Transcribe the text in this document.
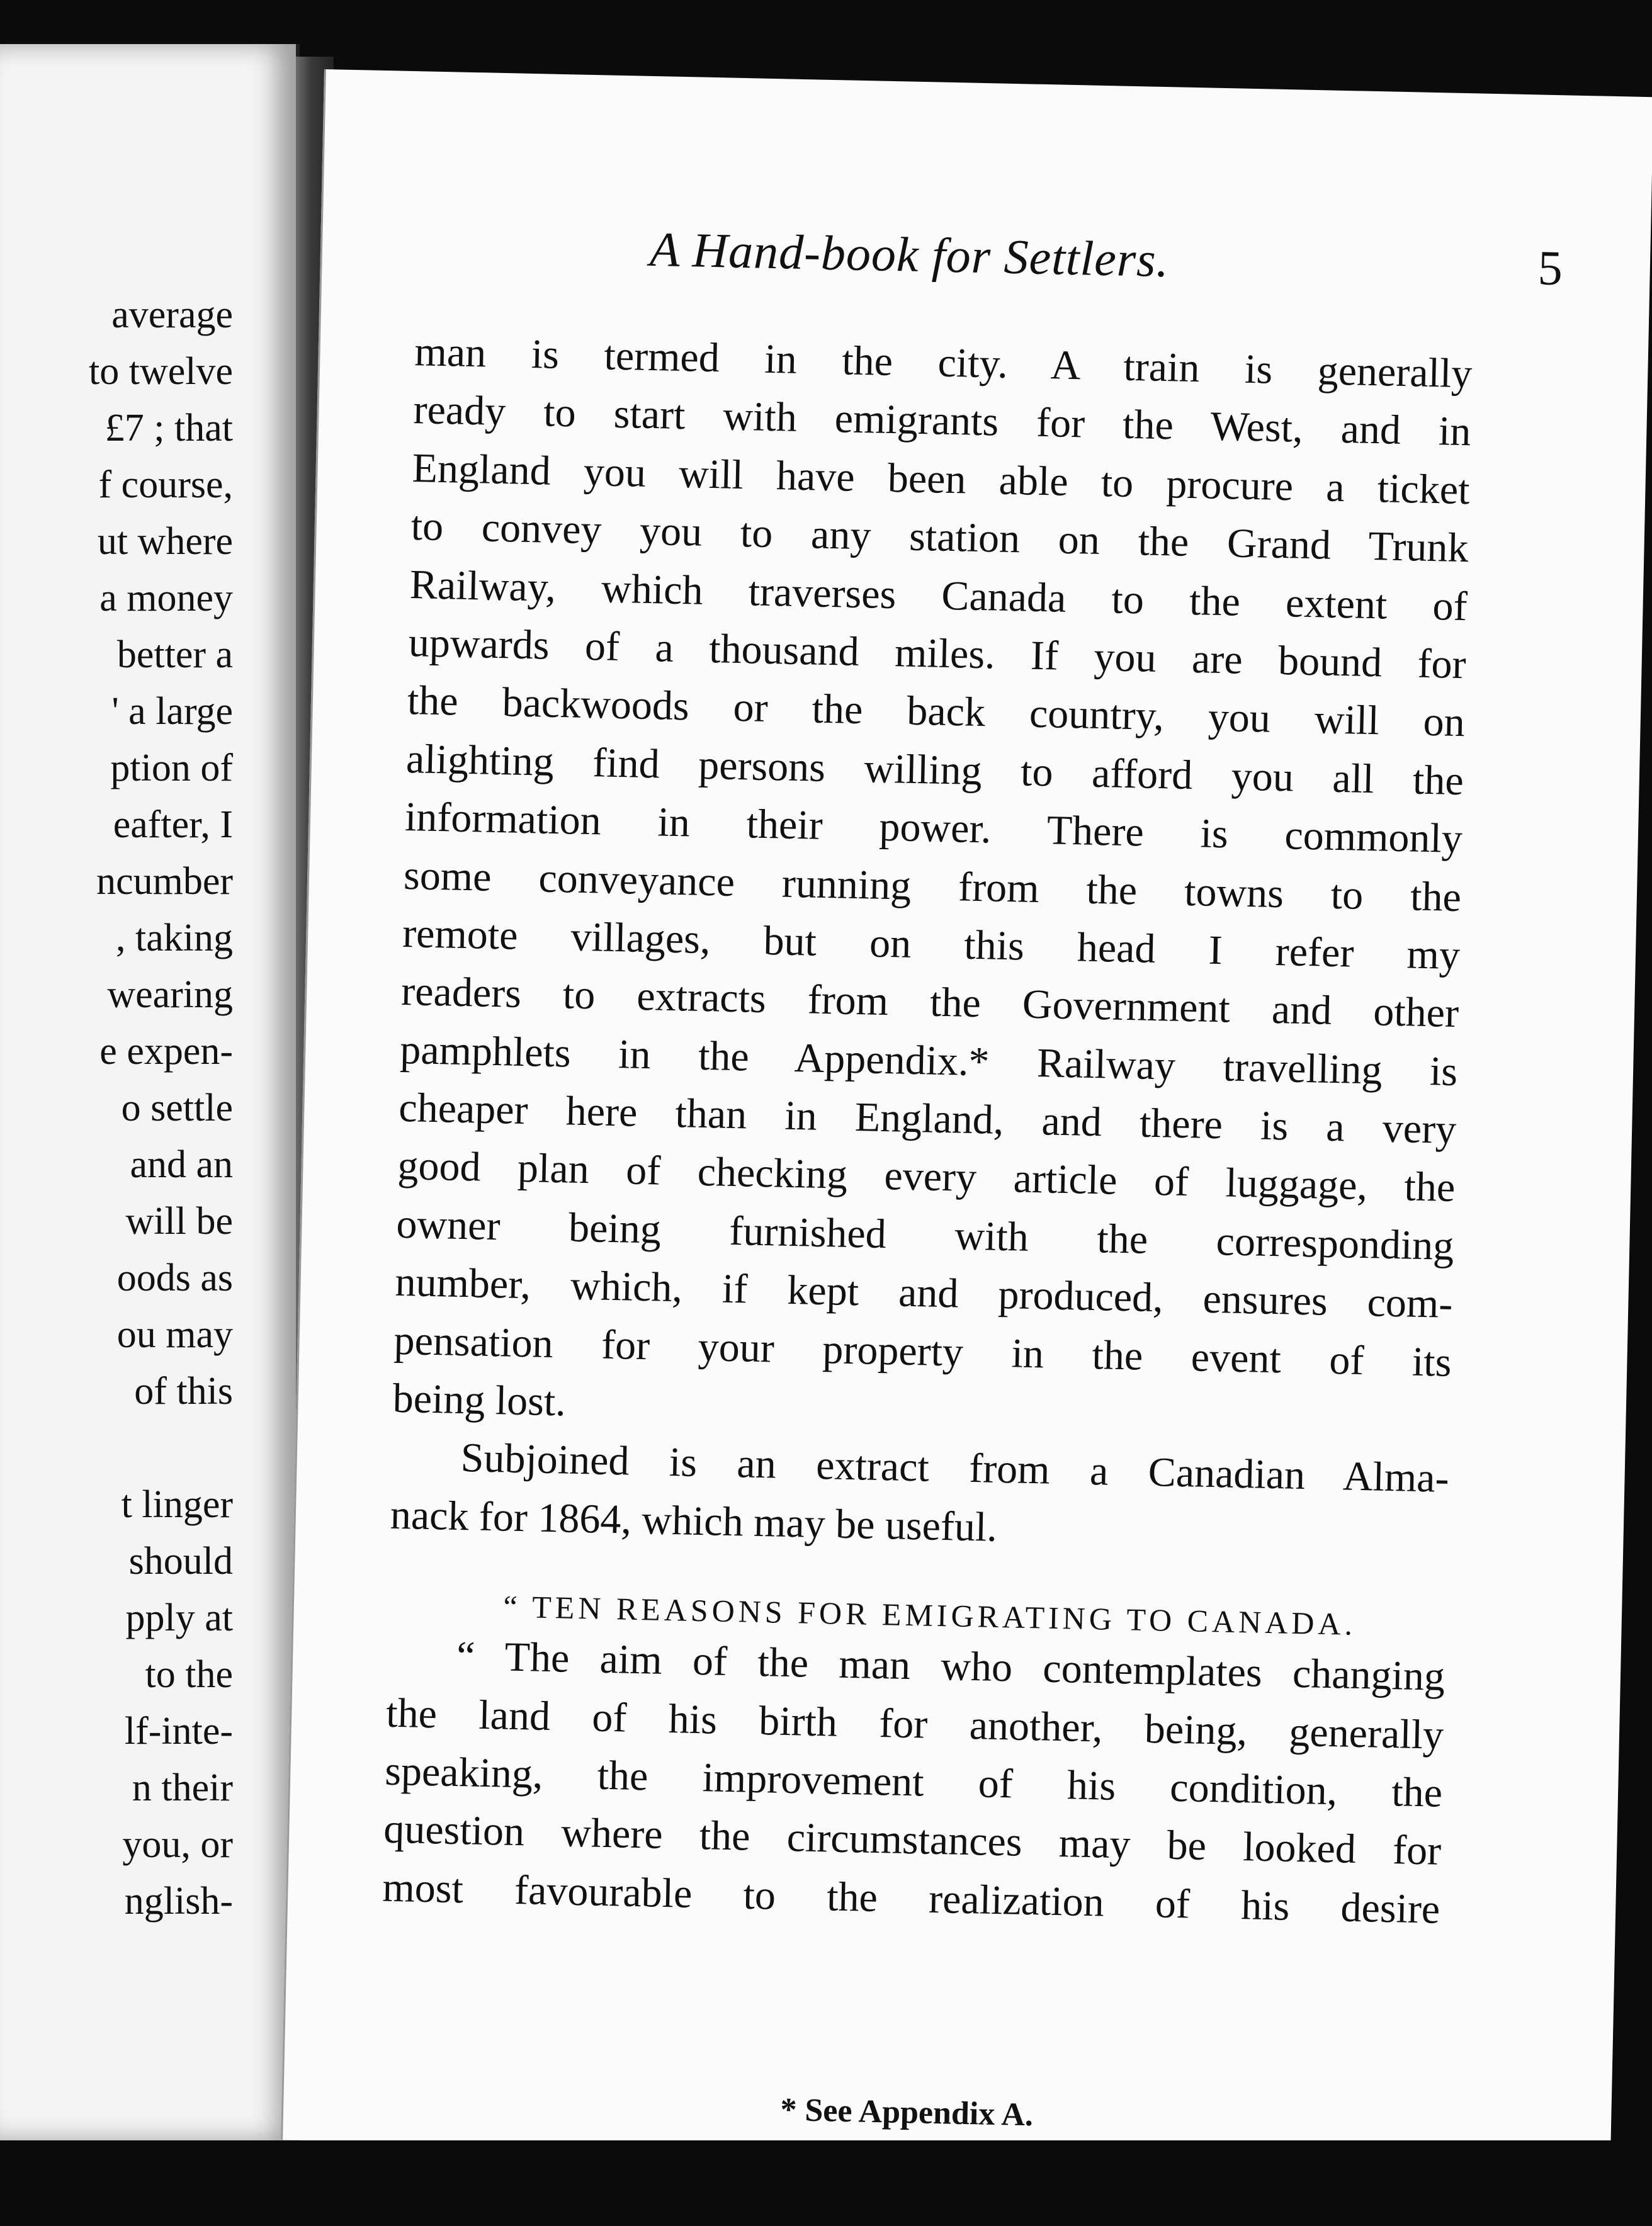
average
to twelve
£7 ; that
f course,
ut where
a money
better a
' a large
ption of
eafter, I
ncumber
, taking
wearing
e expen-
o settle
and an
will be
oods as
ou may
of this
t linger
should
pply at
to the
lf-inte-
n their
you, or
nglish-
A Hand-book for Settlers.	5
man is termed in the city. A train is generally
ready to start with emigrants for the West, and in
England you will have been able to procure a ticket
to convey you to any station on the Grand Trunk
Railway, which traverses Canada to the extent of
upwards of a thousand miles. If you are bound for
the backwoods or the back country, you will on
alighting find persons willing to afford you all the
information in their power. There is commonly
some conveyance running from the towns to the
remote villages, but on this head I refer my
readers to extracts from the Government and other
pamphlets in the Appendix.* Railway travelling is
cheaper here than in England, and there is a very
good plan of checking every article of luggage, the
owner being furnished with the corresponding
number, which, if kept and produced, ensures com-
pensation for your property in the event of its
being lost.
Subjoined is an extract from a Canadian Alma-
nack for 1864, which may be useful.
“ TEN REASONS FOR EMIGRATING TO CANADA.
“ The aim of the man who contemplates changing
the land of his birth for another, being, generally
speaking, the improvement of his condition, the
question where the circumstances may be looked for
most favourable to the realization of his desire
* See Appendix A.
